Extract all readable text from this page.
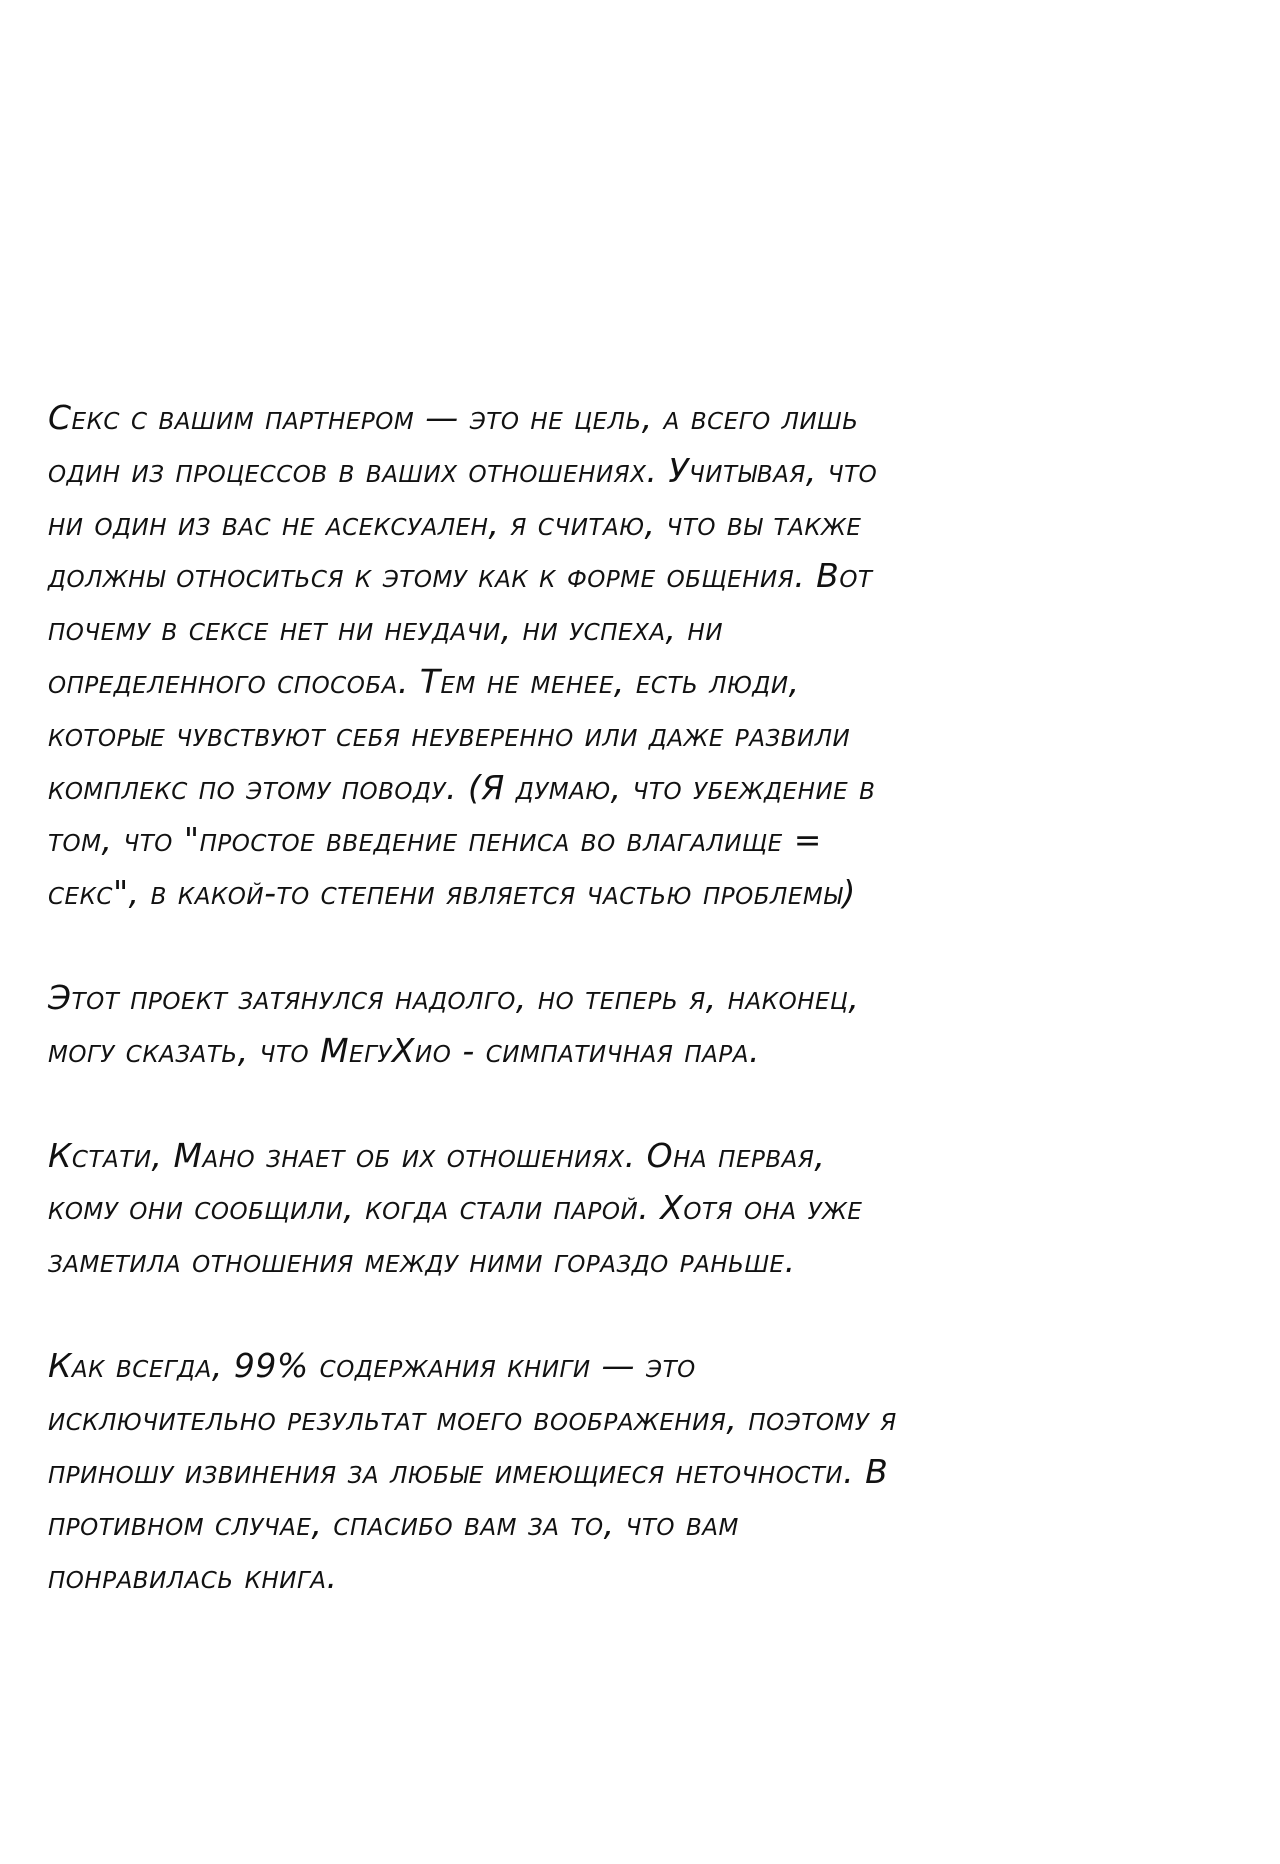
Секс с вашим партнером — это не цель, а всего лишь
один из процессов в ваших отношениях. Учитывая, что
ни один из вас не асексуален, я считаю, что вы также
должны относиться к этому как к форме общения. Вот
почему в сексе нет ни неудачи, ни успеха, ни
определенного способа. Тем не менее, есть люди,
которые чувствуют себя неуверенно или даже развили
комплекс по этому поводу. (Я думаю, что убеждение в
том, что "простое введение пениса во влагалище =
секс", в какой-то степени является частью проблемы)

Этот проект затянулся надолго, но теперь я, наконец,
могу сказать, что МегуХио - симпатичная пара.

Кстати, Мано знает об их отношениях. Она первая,
кому они сообщили, когда стали парой. Хотя она уже
заметила отношения между ними гораздо раньше.

Как всегда, 99% содержания книги — это
исключительно результат моего воображения, поэтому я
приношу извинения за любые имеющиеся неточности. В
противном случае, спасибо вам за то, что вам
понравилась книга.
